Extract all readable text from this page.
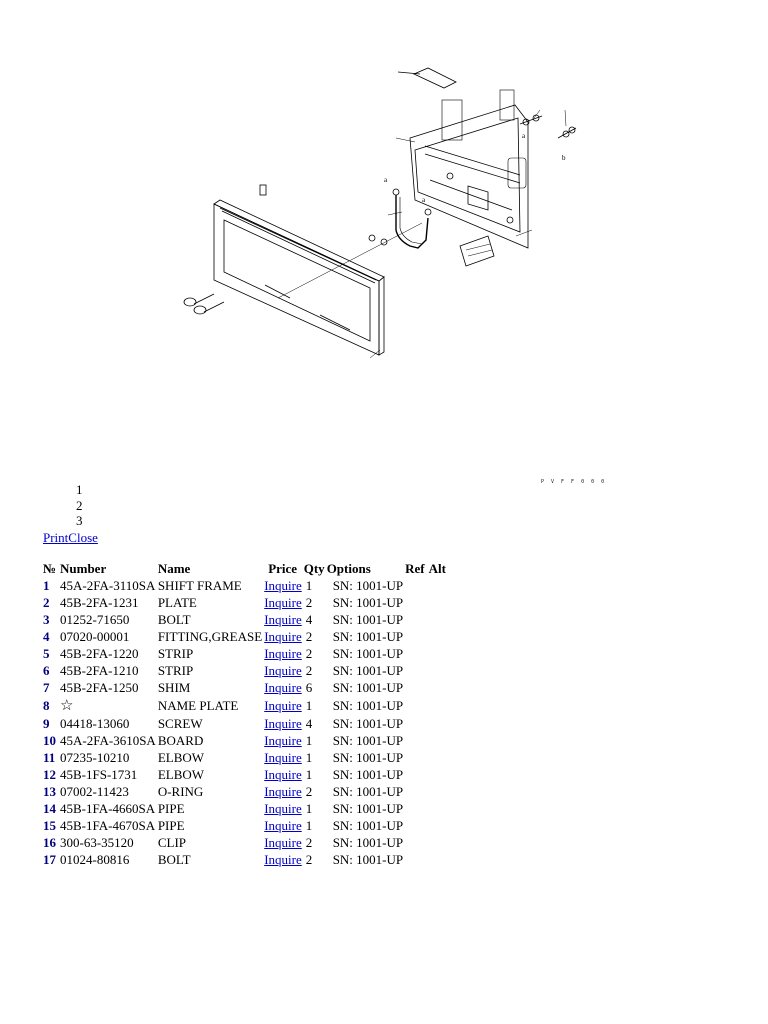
a
a
b
a
P V F F 0 0 0
1
2
3
PrintClose
№	Number	Name	Price	Qty	Options	Ref	Alt
1	45A-2FA-3110SA	SHIFT FRAME	Inquire	1	SN: 1001-UP		
2	45B-2FA-1231	PLATE	Inquire	2	SN: 1001-UP		
3	01252-71650	BOLT	Inquire	4	SN: 1001-UP		
4	07020-00001	FITTING,GREASE	Inquire	2	SN: 1001-UP		
5	45B-2FA-1220	STRIP	Inquire	2	SN: 1001-UP		
6	45B-2FA-1210	STRIP	Inquire	2	SN: 1001-UP		
7	45B-2FA-1250	SHIM	Inquire	6	SN: 1001-UP		
8	☆	NAME PLATE	Inquire	1	SN: 1001-UP		
9	04418-13060	SCREW	Inquire	4	SN: 1001-UP		
10	45A-2FA-3610SA	BOARD	Inquire	1	SN: 1001-UP		
11	07235-10210	ELBOW	Inquire	1	SN: 1001-UP		
12	45B-1FS-1731	ELBOW	Inquire	1	SN: 1001-UP		
13	07002-11423	O-RING	Inquire	2	SN: 1001-UP		
14	45B-1FA-4660SA	PIPE	Inquire	1	SN: 1001-UP		
15	45B-1FA-4670SA	PIPE	Inquire	1	SN: 1001-UP		
16	300-63-35120	CLIP	Inquire	2	SN: 1001-UP		
17	01024-80816	BOLT	Inquire	2	SN: 1001-UP		
